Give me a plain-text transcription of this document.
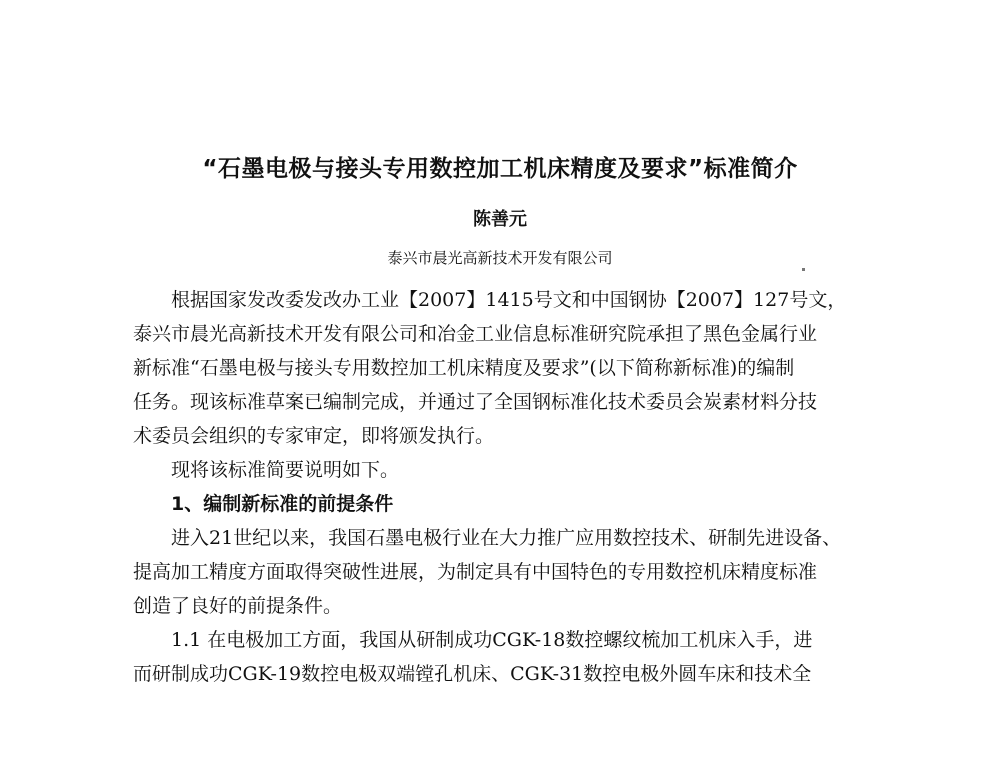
“石墨电极与接头专用数控加工机床精度及要求”标准简介
陈善元
泰兴市晨光高新技术开发有限公司
根据国家发改委发改办工业【2007】1415号文和中国钢协【2007】127号文，
泰兴市晨光高新技术开发有限公司和冶金工业信息标准研究院承担了黑色金属行业
新标准“石墨电极与接头专用数控加工机床精度及要求”(以下简称新标准)的编制
任务。现该标准草案已编制完成，并通过了全国钢标准化技术委员会炭素材料分技
术委员会组织的专家审定，即将颁发执行。
现将该标准简要说明如下。
1、编制新标准的前提条件
进入21世纪以来，我国石墨电极行业在大力推广应用数控技术、研制先进设备、
提高加工精度方面取得突破性进展，为制定具有中国特色的专用数控机床精度标准
创造了良好的前提条件。
1.1 在电极加工方面，我国从研制成功CGK-18数控螺纹梳加工机床入手，进
而研制成功CGK-19数控电极双端镗孔机床、CGK-31数控电极外圆车床和技术全
